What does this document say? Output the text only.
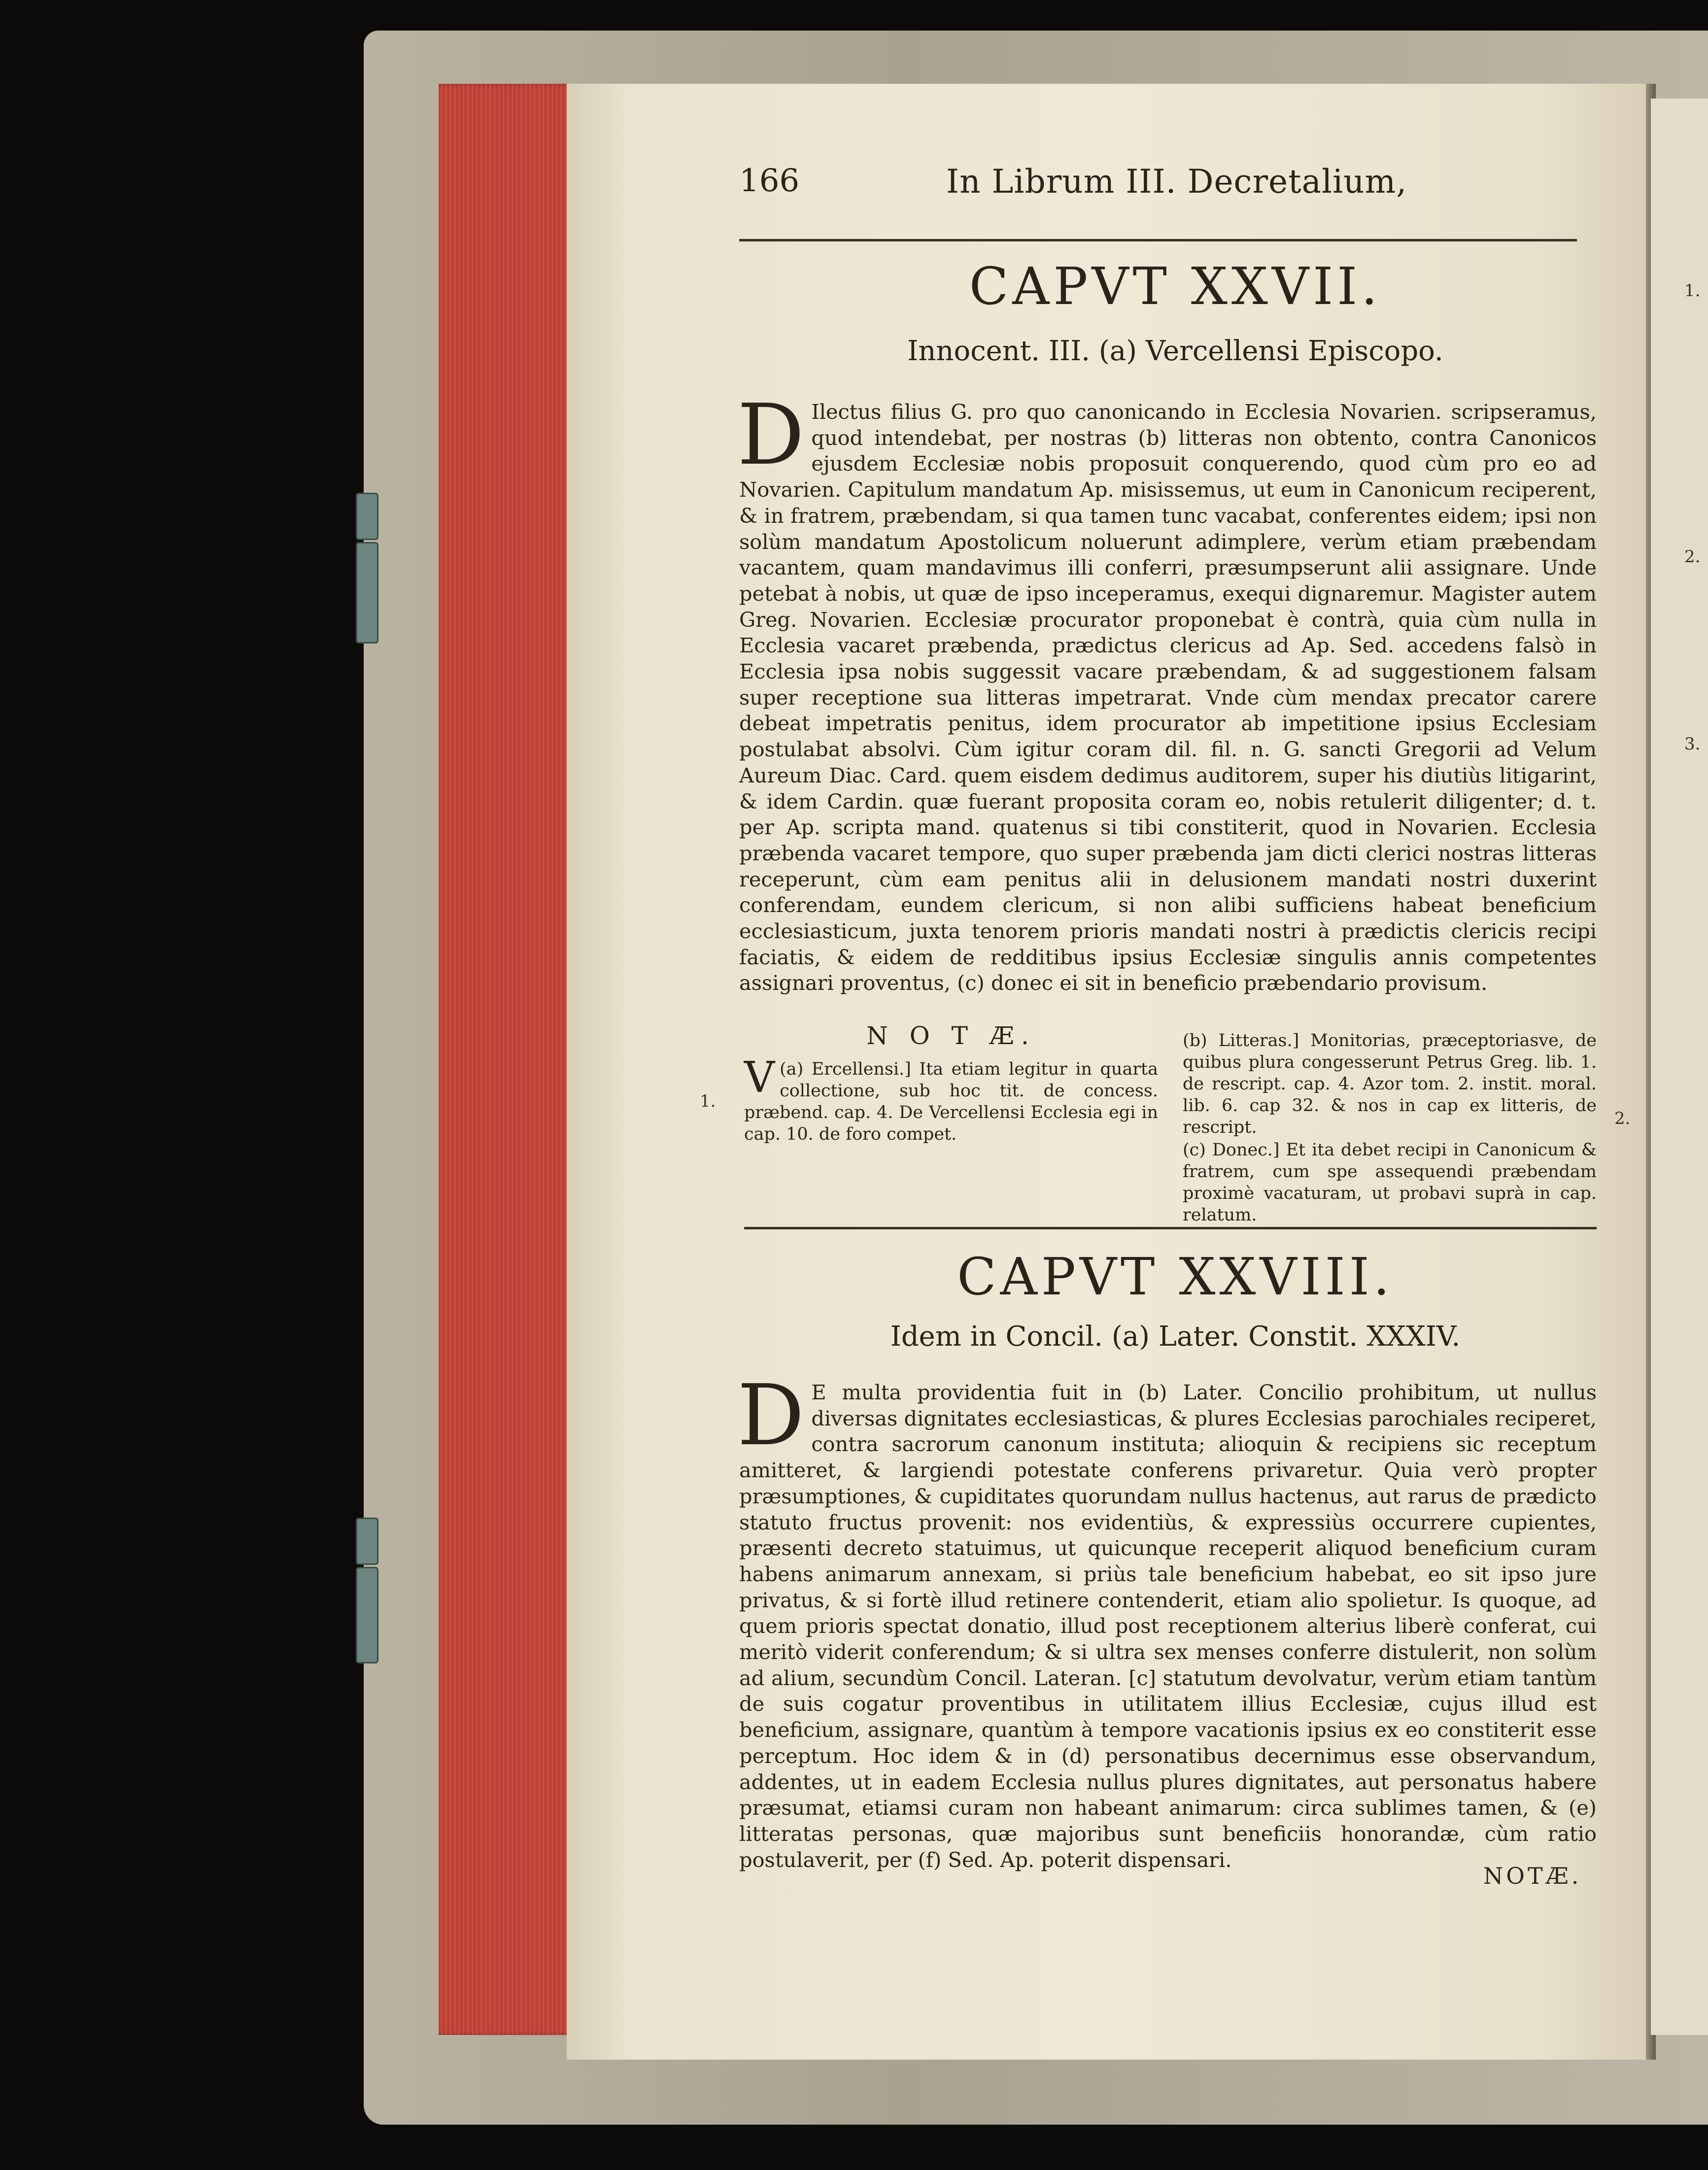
1.
2.
3.
166	In Librum III. Decretalium,
CAPVT XXVII.
Innocent. III. (a) Vercellensi Episcopo.
D Ilectus filius G. pro quo canonicando in Ecclesia Novarien. scripseramus, quod intendebat, per nostras (b) litteras non obtento, contra Canonicos ejusdem Ecclesiæ nobis proposuit conquerendo, quod cùm pro eo ad Novarien. Capitulum mandatum Ap. misissemus, ut eum in Canonicum reciperent, & in fratrem, præbendam, si qua tamen tunc vacabat, conferentes eidem; ipsi non solùm mandatum Apostolicum noluerunt adimplere, verùm etiam præbendam vacantem, quam mandavimus illi conferri, præsumpserunt alii assignare. Unde petebat à nobis, ut quæ de ipso inceperamus, exequi dignaremur. Magister autem Greg. Novarien. Ecclesiæ procurator proponebat è contrà, quia cùm nulla in Ecclesia vacaret præbenda, prædictus clericus ad Ap. Sed. accedens falsò in Ecclesia ipsa nobis suggessit vacare præbendam, & ad suggestionem falsam super receptione sua litteras impetrarat. Vnde cùm mendax precator carere debeat impetratis penitus, idem procurator ab impetitione ipsius Ecclesiam postulabat absolvi. Cùm igitur coram dil. fil. n. G. sancti Gregorii ad Velum Aureum Diac. Card. quem eisdem dedimus auditorem, super his diutiùs litigarint, & idem Cardin. quæ fuerant proposita coram eo, nobis retulerit diligenter; d. t. per Ap. scripta mand. quatenus si tibi constiterit, quod in Novarien. Ecclesia præbenda vacaret tempore, quo super præbenda jam dicti clerici nostras litteras receperunt, cùm eam penitus alii in delusionem mandati nostri duxerint conferendam, eundem clericum, si non alibi sufficiens habeat beneficium ecclesiasticum, juxta tenorem prioris mandati nostri à prædictis clericis recipi faciatis, & eidem de redditibus ipsius Ecclesiæ singulis annis competentes assignari proventus, (c) donec ei sit in beneficio præbendario provisum.

1.
2.
N O T Æ.

(a)
V Ercellensi.] Ita etiam legitur in quarta collectione, sub hoc tit. de concess. præbend. cap. 4. De Vercellensi Ecclesia egi in cap. 10. de foro compet.

(b) Litteras.] Monitorias, præceptoriasve, de quibus plura congesserunt Petrus Greg. lib. 1. de rescript. cap. 4. Azor tom. 2. instit. moral. lib. 6. cap 32. & nos in cap ex litteris, de rescript.

(c) Donec.] Et ita debet recipi in Canonicum & fratrem, cum spe assequendi præbendam proximè vacaturam, ut probavi suprà in cap. relatum.

CAPVT XXVIII.
Idem in Concil. (a) Later. Constit. XXXIV.
D E multa providentia fuit in (b) Later. Concilio prohibitum, ut nullus diversas dignitates ecclesiasticas, & plures Ecclesias parochiales reciperet, contra sacrorum canonum instituta; alioquin & recipiens sic receptum amitteret, & largiendi potestate conferens privaretur. Quia verò propter præsumptiones, & cupiditates quorundam nullus hactenus, aut rarus de prædicto statuto fructus provenit: nos evidentiùs, & expressiùs occurrere cupientes, præsenti decreto statuimus, ut quicunque receperit aliquod beneficium curam habens animarum annexam, si priùs tale beneficium habebat, eo sit ipso jure privatus, & si fortè illud retinere contenderit, etiam alio spolietur. Is quoque, ad quem prioris spectat donatio, illud post receptionem alterius liberè conferat, cui meritò viderit conferendum; & si ultra sex menses conferre distulerit, non solùm ad alium, secundùm Concil. Lateran. [c] statutum devolvatur, verùm etiam tantùm de suis cogatur proventibus in utilitatem illius Ecclesiæ, cujus illud est beneficium, assignare, quantùm à tempore vacationis ipsius ex eo constiterit esse perceptum. Hoc idem & in (d) personatibus decernimus esse observandum, addentes, ut in eadem Ecclesia nullus plures dignitates, aut personatus habere præsumat, etiamsi curam non habeant animarum: circa sublimes tamen, & (e) litteratas personas, quæ majoribus sunt beneficiis honorandæ, cùm ratio postulaverit, per (f) Sed. Ap. poterit dispensari.

NOTÆ.
